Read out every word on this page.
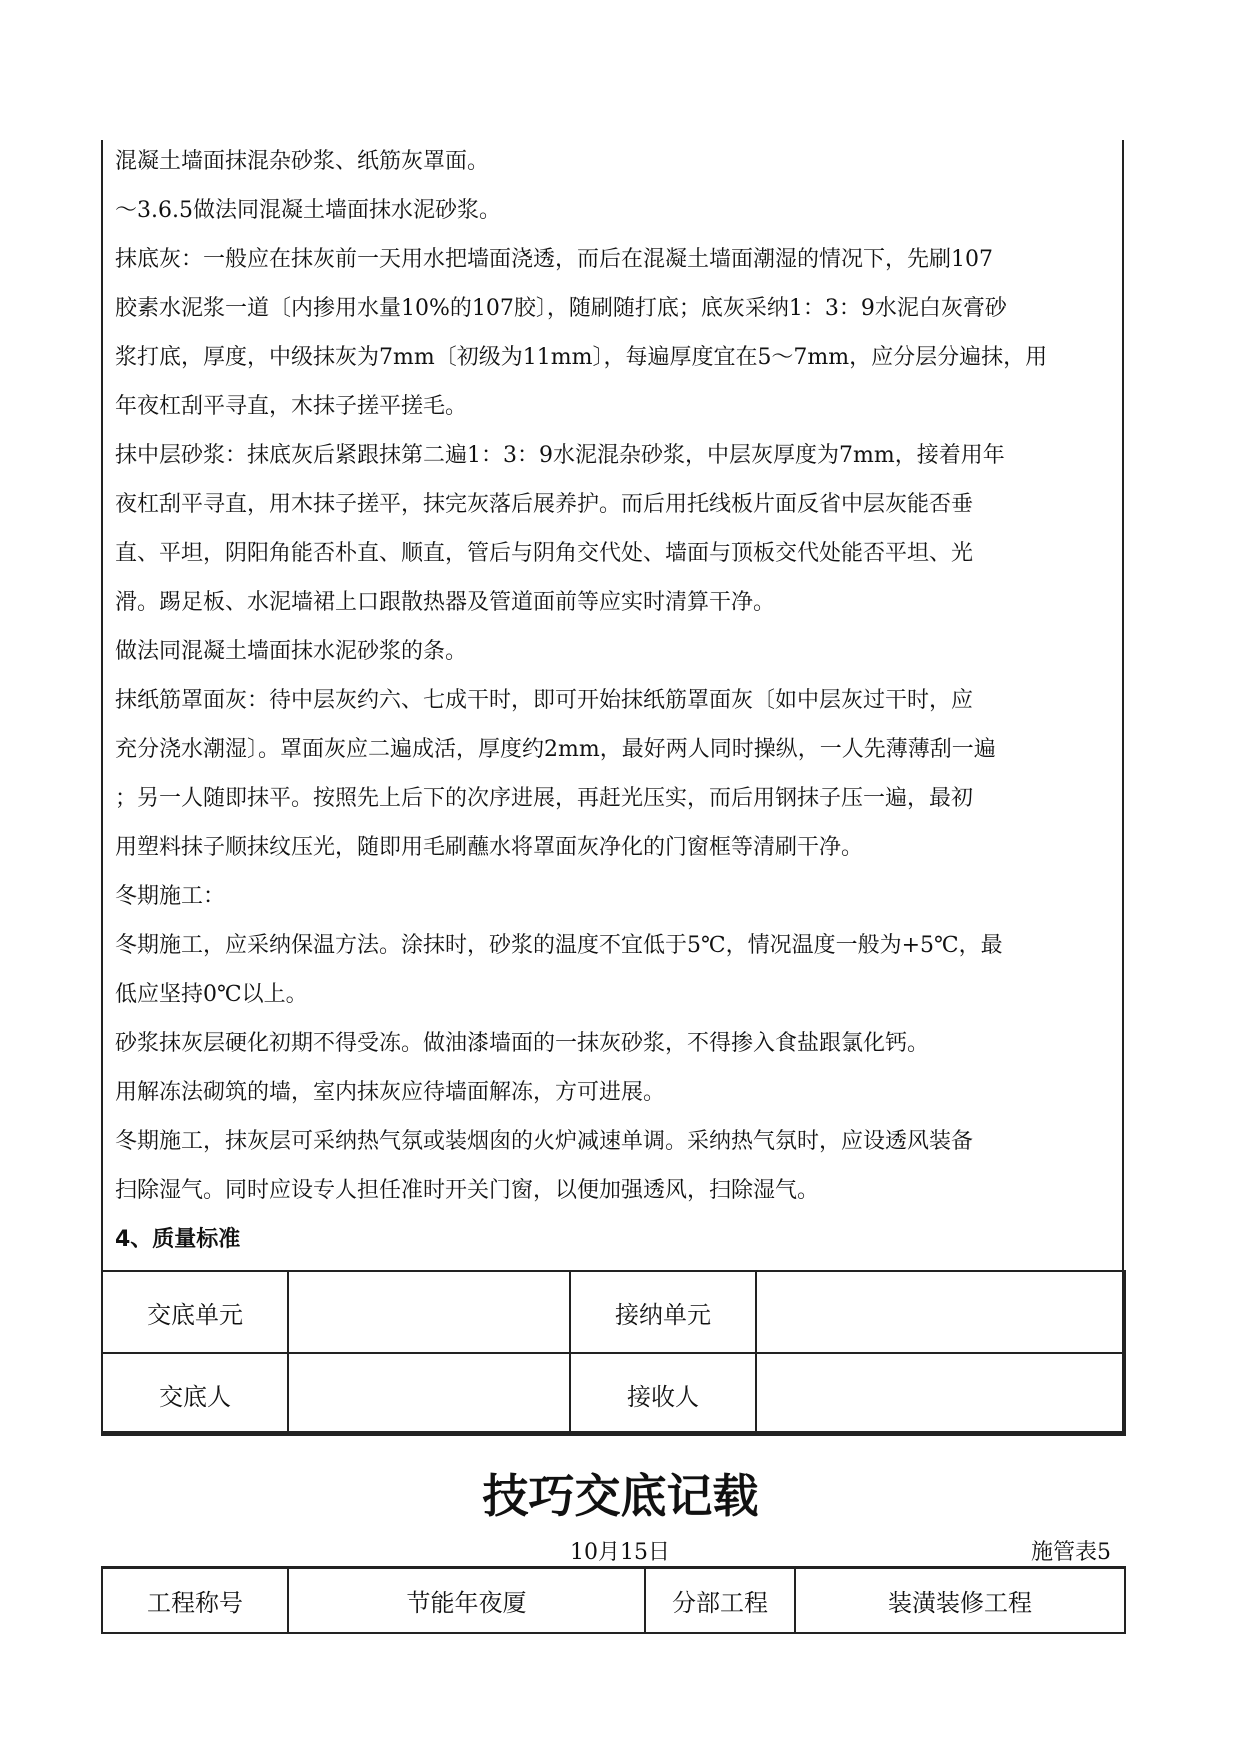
混凝土墙面抹混杂砂浆、纸筋灰罩面。
～3.6.5做法同混凝土墙面抹水泥砂浆。
抹底灰：一般应在抹灰前一天用水把墙面浇透，而后在混凝土墙面潮湿的情况下，先刷107
胶素水泥浆一道〔内掺用水量10%的107胶〕，随刷随打底；底灰采纳1：3：9水泥白灰膏砂
浆打底，厚度，中级抹灰为7mm〔初级为11mm〕，每遍厚度宜在5～7mm，应分层分遍抹，用
年夜杠刮平寻直，木抹子搓平搓毛。
抹中层砂浆：抹底灰后紧跟抹第二遍1：3：9水泥混杂砂浆，中层灰厚度为7mm，接着用年
夜杠刮平寻直，用木抹子搓平，抹完灰落后展养护。而后用托线板片面反省中层灰能否垂
直、平坦，阴阳角能否朴直、顺直，管后与阴角交代处、墙面与顶板交代处能否平坦、光
滑。踢足板、水泥墙裙上口跟散热器及管道面前等应实时清算干净。
做法同混凝土墙面抹水泥砂浆的条。
抹纸筋罩面灰：待中层灰约六、七成干时，即可开始抹纸筋罩面灰〔如中层灰过干时，应
充分浇水潮湿〕。罩面灰应二遍成活，厚度约2mm，最好两人同时操纵，一人先薄薄刮一遍
；另一人随即抹平。按照先上后下的次序进展，再赶光压实，而后用钢抹子压一遍，最初
用塑料抹子顺抹纹压光，随即用毛刷蘸水将罩面灰净化的门窗框等清刷干净。
冬期施工：
冬期施工，应采纳保温方法。涂抹时，砂浆的温度不宜低于5℃，情况温度一般为+5℃，最
低应坚持0℃以上。
砂浆抹灰层硬化初期不得受冻。做油漆墙面的一抹灰砂浆，不得掺入食盐跟氯化钙。
用解冻法砌筑的墙，室内抹灰应待墙面解冻，方可进展。
冬期施工，抹灰层可采纳热气氛或装烟囱的火炉减速单调。采纳热气氛时，应设透风装备
扫除湿气。同时应设专人担任准时开关门窗，以便加强透风，扫除湿气。
4、质量标准
交底单元		接纳单元	
交底人		接收人	
技巧交底记载
10月15日	施管表5
工程称号	节能年夜厦	分部工程	装潢装修工程
